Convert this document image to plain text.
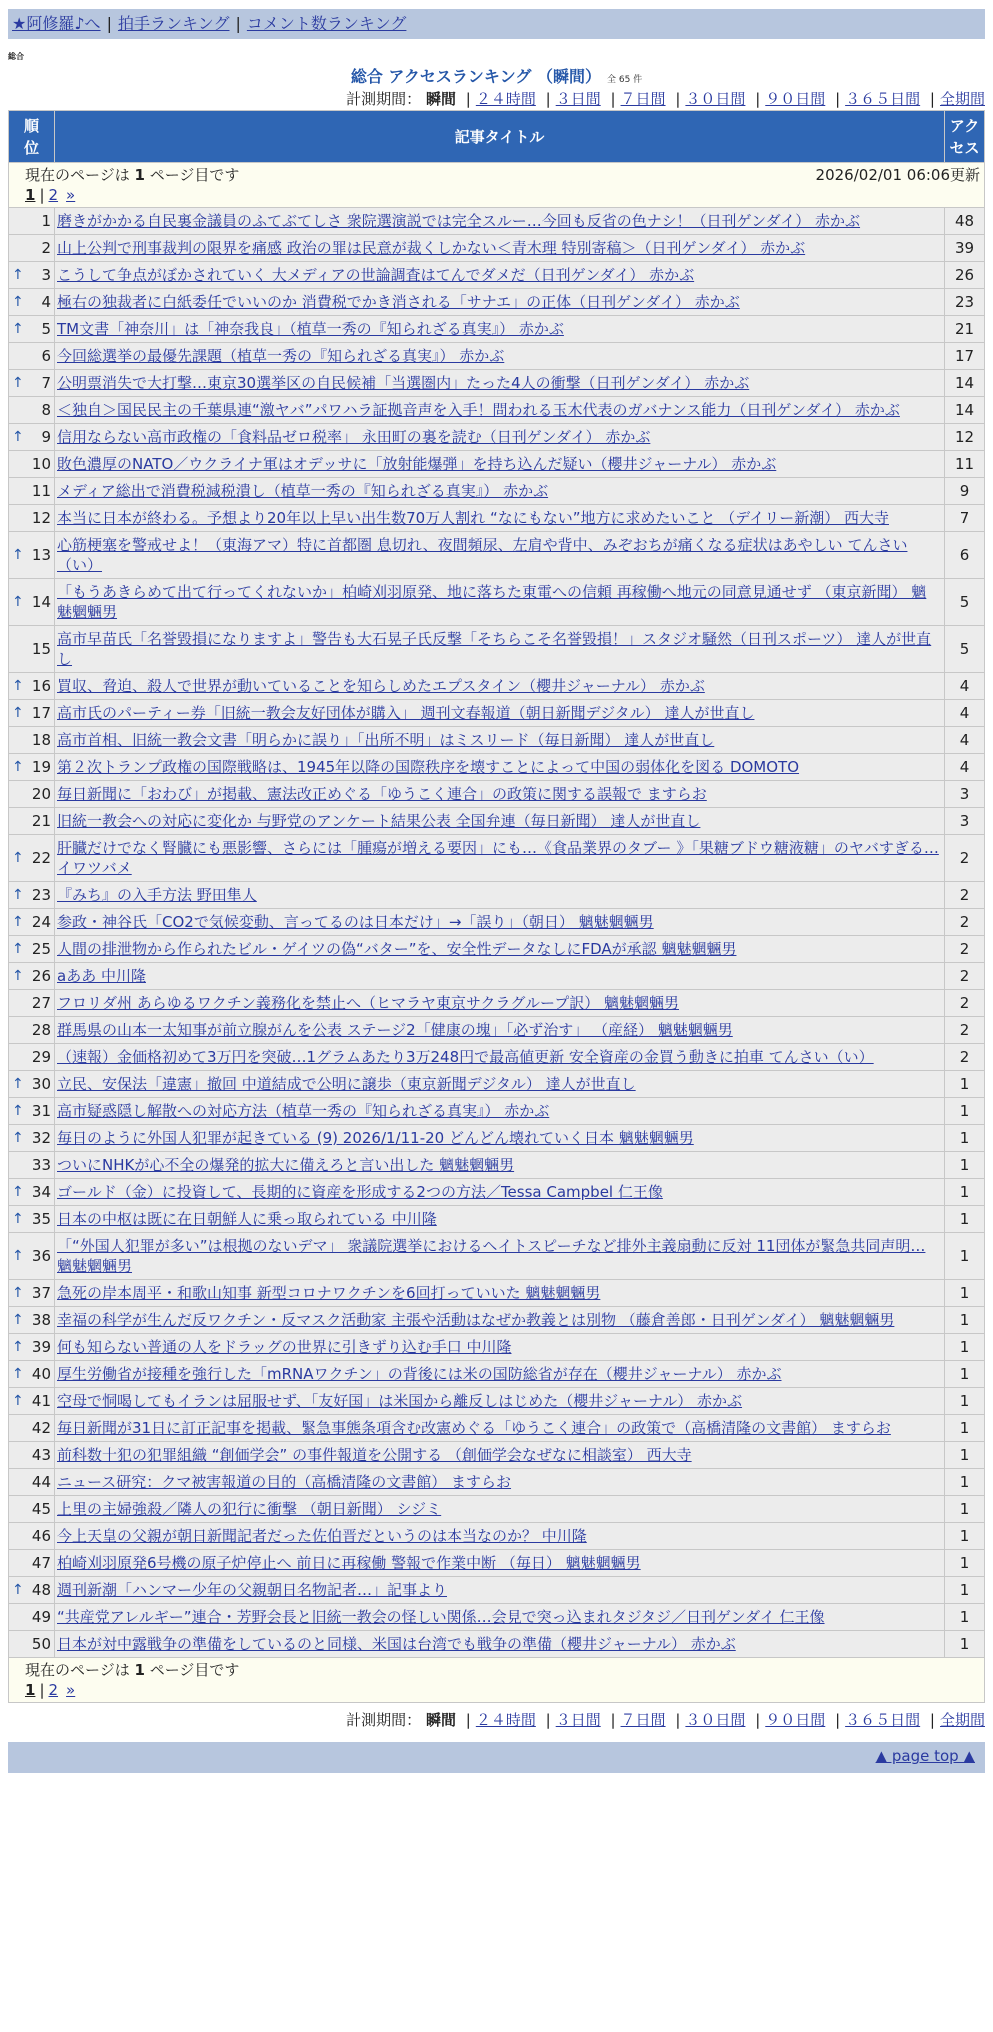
★阿修羅♪へ | 拍手ランキング | コメント数ランキング
総合
総合 アクセスランキング （瞬間） 全 65 件
計測期間： 瞬間 | ２４時間 | ３日間 | ７日間 | ３０日間 | ９０日間 | ３６５日間 | 全期間
2026/02/01 06:06更新
現在のページは 1 ページ目です
1 | 2 »		
順位	記事タイトル	アクセス
1	磨きがかかる自民裏金議員のふてぶてしさ 衆院選演説では完全スルー…今回も反省の色ナシ！（日刊ゲンダイ） 赤かぶ	48
2	山上公判で刑事裁判の限界を痛感 政治の罪は民意が裁くしかない＜青木理 特別寄稿＞（日刊ゲンダイ） 赤かぶ	39

↑ 3	こうして争点がぼかされていく 大メディアの世論調査はてんでダメだ（日刊ゲンダイ） 赤かぶ	26

↑ 4	極右の独裁者に白紙委任でいいのか 消費税でかき消される「サナエ」の正体（日刊ゲンダイ） 赤かぶ	23

↑ 5	TM文書「神奈川」は「神奈我良」（植草一秀の『知られざる真実』） 赤かぶ	21
6	今回総選挙の最優先課題（植草一秀の『知られざる真実』） 赤かぶ	17

↑ 7	公明票消失で大打撃…東京30選挙区の自民候補「当選圏内」たった4人の衝撃（日刊ゲンダイ） 赤かぶ	14
8	＜独自＞国民民主の千葉県連“激ヤバ”パワハラ証拠音声を入手！問われる玉木代表のガバナンス能力（日刊ゲンダイ） 赤かぶ	14

↑ 9	信用ならない高市政権の「食料品ゼロ税率」 永田町の裏を読む（日刊ゲンダイ） 赤かぶ	12
10	敗色濃厚のNATO／ウクライナ軍はオデッサに「放射能爆弾」を持ち込んだ疑い（櫻井ジャーナル） 赤かぶ	11
11	メディア総出で消費税減税潰し（植草一秀の『知られざる真実』） 赤かぶ	9
12	本当に日本が終わる。予想より20年以上早い出生数70万人割れ “なにもない”地方に求めたいこと （デイリー新潮） 西大寺	7

↑ 13	心筋梗塞を警戒せよ！（東海アマ）特に首都圏 息切れ、夜間頻尿、左肩や背中、みぞおちが痛くなる症状はあやしい てんさい（い）	6

↑ 14	「もうあきらめて出て行ってくれないか」柏崎刈羽原発、地に落ちた東電への信頼 再稼働へ地元の同意見通せず （東京新聞） 魑魅魍魎男	5
15	高市早苗氏「名誉毀損になりますよ」警告も大石晃子氏反撃「そちらこそ名誉毀損！」スタジオ騒然（日刊スポーツ） 達人が世直し	5

↑ 16	買収、脅迫、殺人で世界が動いていることを知らしめたエプスタイン（櫻井ジャーナル） 赤かぶ	4

↑ 17	高市氏のパーティー券「旧統一教会友好団体が購入」 週刊文春報道（朝日新聞デジタル） 達人が世直し	4
18	高市首相、旧統一教会文書「明らかに誤り」「出所不明」はミスリード（毎日新聞） 達人が世直し	4

↑ 19	第２次トランプ政権の国際戦略は、1945年以降の国際秩序を壊すことによって中国の弱体化を図る DOMOTO	4
20	毎日新聞に「おわび」が掲載、憲法改正めぐる「ゆうこく連合」の政策に関する誤報で ますらお	3
21	旧統一教会への対応に変化か 与野党のアンケート結果公表 全国弁連（毎日新聞） 達人が世直し	3

↑ 22	肝臓だけでなく腎臓にも悪影響、さらには「腫瘍が増える要因」にも…《食品業界のタブー 》「果糖ブドウ糖液糖」のヤバすぎる… イワツバメ	2

↑ 23	『みち』の入手方法 野田隼人	2

↑ 24	参政・神谷氏「CO2で気候変動、言ってるのは日本だけ」→「誤り」（朝日） 魑魅魍魎男	2

↑ 25	人間の排泄物から作られたビル・ゲイツの偽“バター”を、安全性データなしにFDAが承認 魑魅魍魎男	2

↑ 26	aああ 中川隆	2
27	フロリダ州 あらゆるワクチン義務化を禁止へ（ヒマラヤ東京サクラグループ訳） 魑魅魍魎男	2
28	群馬県の山本一太知事が前立腺がんを公表 ステージ2「健康の塊」「必ず治す」 （産経） 魑魅魍魎男	2
29	（速報）金価格初めて3万円を突破…1グラムあたり3万248円で最高値更新 安全資産の金買う動きに拍車 てんさい（い）	2

↑ 30	立民、安保法「違憲」撤回 中道結成で公明に譲歩（東京新聞デジタル） 達人が世直し	1

↑ 31	高市疑惑隠し解散への対応方法（植草一秀の『知られざる真実』） 赤かぶ	1

↑ 32	毎日のように外国人犯罪が起きている (9) 2026/1/11-20 どんどん壊れていく日本 魑魅魍魎男	1
33	ついにNHKが心不全の爆発的拡大に備えろと言い出した 魑魅魍魎男	1

↑ 34	ゴールド（金）に投資して、長期的に資産を形成する2つの方法／Tessa Campbel 仁王像	1

↑ 35	日本の中枢は既に在日朝鮮人に乗っ取られている 中川隆	1

↑ 36	「“外国人犯罪が多い”は根拠のないデマ」 衆議院選挙におけるヘイトスピーチなど排外主義扇動に反対 11団体が緊急共同声明… 魑魅魍魎男	1

↑ 37	急死の岸本周平・和歌山知事 新型コロナワクチンを6回打っていいた 魑魅魍魎男	1

↑ 38	幸福の科学が生んだ反ワクチン・反マスク活動家 主張や活動はなぜか教義とは別物 （藤倉善郎・日刊ゲンダイ） 魑魅魍魎男	1

↑ 39	何も知らない普通の人をドラッグの世界に引きずり込む手口 中川隆	1

↑ 40	厚生労働省が接種を強行した「mRNAワクチン」の背後には米の国防総省が存在（櫻井ジャーナル） 赤かぶ	1

↑ 41	空母で恫喝してもイランは屈服せず、「友好国」は米国から離反しはじめた（櫻井ジャーナル） 赤かぶ	1
42	毎日新聞が31日に訂正記事を掲載、緊急事態条項含む改憲めぐる「ゆうこく連合」の政策で（高橋清隆の文書館） ますらお	1
43	前科数十犯の犯罪組織 “創価学会” の事件報道を公開する （創価学会なぜなに相談室） 西大寺	1
44	ニュース研究：クマ被害報道の目的（高橋清隆の文書館） ますらお	1
45	上里の主婦強殺／隣人の犯行に衝撃 （朝日新聞） シジミ	1
46	今上天皇の父親が朝日新聞記者だった佐伯晋だというのは本当なのか？ 中川隆	1
47	柏崎刈羽原発6号機の原子炉停止へ 前日に再稼働 警報で作業中断 （毎日） 魑魅魍魎男	1

↑ 48	週刊新潮「ハンマー少年の父親朝日名物記者…」記事より	1
49	“共産党アレルギー”連合・芳野会長と旧統一教会の怪しい関係…会見で突っ込まれタジタジ／日刊ゲンダイ 仁王像	1
50	日本が対中露戦争の準備をしているのと同様、米国は台湾でも戦争の準備（櫻井ジャーナル） 赤かぶ	1
現在のページは 1 ページ目です
1 | 2 »		
計測期間： 瞬間 | ２４時間 | ３日間 | ７日間 | ３０日間 | ９０日間 | ３６５日間 | 全期間
▲ page top ▲
